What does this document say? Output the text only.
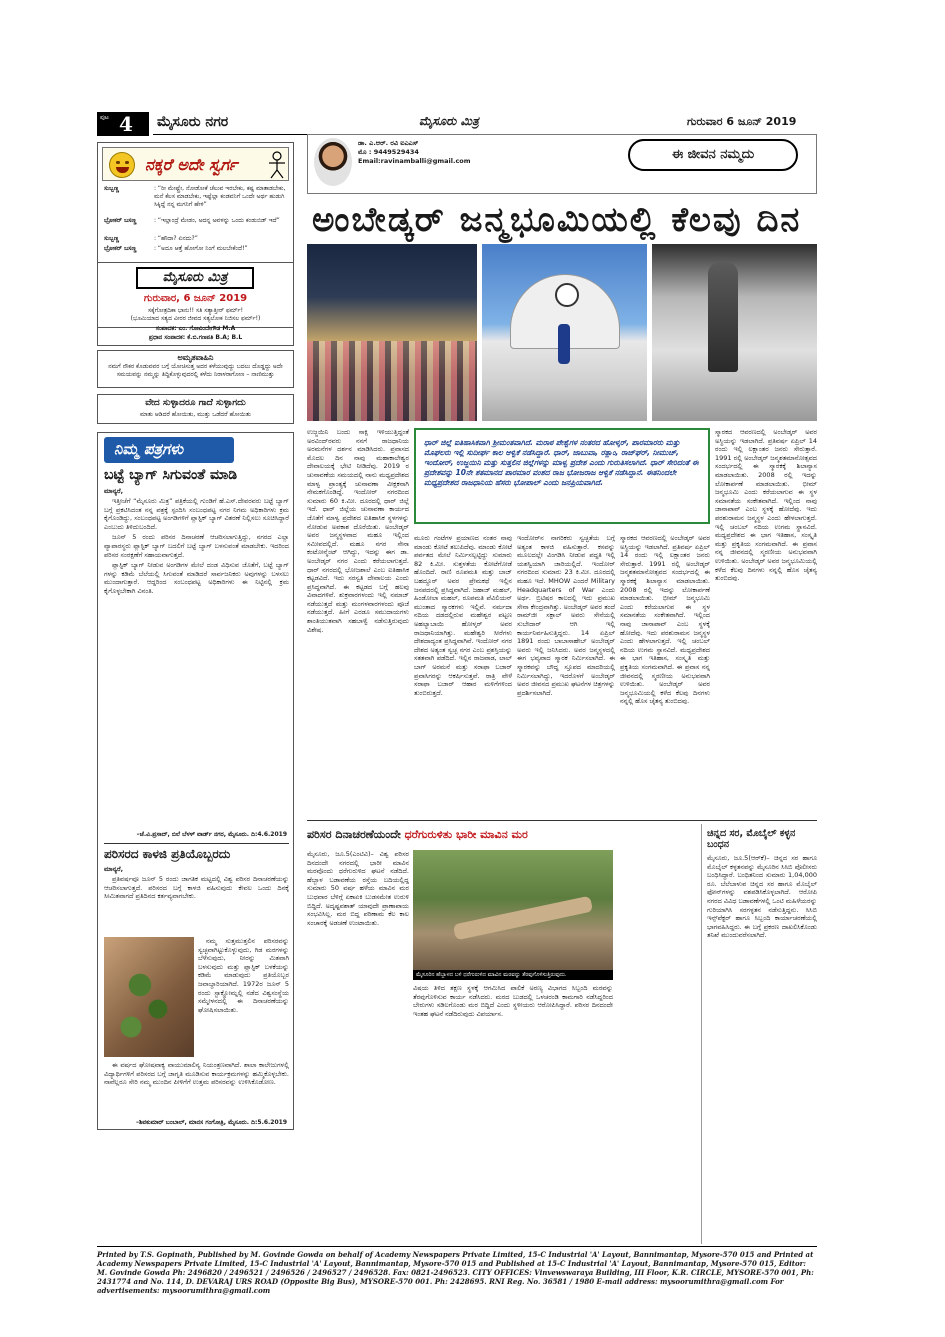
ಪುಟ 4 ಮೈಸೂರು ನಗರ	ಮೈಸೂರು ಮಿತ್ರ	ಗುರುವಾರ 6 ಜೂನ್ 2019
ನಕ್ಕರೆ ಅದೇ ಸ್ವರ್ಗ
ಸುಬ್ಬಣ್ಣ	: “ರೀ ಮೇಷ್ಟ್ರೇ, ನೋಡೋಕೆ ಚೆಲುವ ಇರಬೇಕು, ಕಷ್ಟ ಮಾತಾಡಬೇಕು, ಮನೆ ಕೆಲಸ ಮಾಡಬೇಕು, ಇಷ್ಟೆಲ್ಲಾ ಕಂಡವನಿಗೆ ಒಂದೇ ಅರ್ಥ ಹುಡುಗಿ ಸಿಕ್ಕಿದ್ದೆ ನನ್ನ ಮಗನಿಗೆ ಹೇಳಿ”
ಬ್ರೋಕರ್ ಬಸಣ್ಣ	: “ಇಲ್ಲಾಂದ್ರೆ ಮೇಡಂ, ಅದನ್ನ ಅವಳನ್ನು ಒಂದು ಕಂಡುಬಿಡ್ ಇದೆ”
ಸುಬ್ಬಣ್ಣ	: “ಹೌದಾ? ಏನದು?”
ಬ್ರೋಕರ್ ಬಸಣ್ಣ	: “ಅದೂ ಆತ್ತೆ ಹೋಗೋ ನಿಂಗೆ ಮಲಬೇಕೆಂದೆ!”
ಮೈಸೂರು ಮಿತ್ರ
ಗುರುವಾರ, 6 ಜೂನ್ 2019
ಸಕ್ಕೆಗೋತ್ರದಿಕಾ ಭಾನು!! ಸತಿ ಸತ್ಯಾತ್ತೀರ್ ಫರ್ಮ್!
(ಭೂಮಿಯಾದ ಸತ್ಯದ ವೀರರ ಜೀವದ ಸತ್ಯಲೋಕ ನಿಜಿಸಲ ಫರ್ಮ್!)
ಸಂಪಾದಕ: ಎಂ. ಗೋವಿಂದೇಗೌಡ M.A
ಪ್ರಧಾನ ಸಂಪಾದಕ: ಕೆ.ಬಿ.ಗಣಪತಿ B.A; B.L
ಅಮೃತವಾಹಿನಿ
ನಮಗೆ ನೌಕರ ಕೊಡುವವರ ಬಗ್ಗೆ ಯೋಚಿಸುತ್ತ ಅದರ ಕಳೆಯುವುದ್ದು ಬದಲು ದೊಡ್ಡದ್ದು ಅದೇ ಸಮಯವನ್ನು ನಮ್ಮನ್ನು ತಿದ್ದಿಕೊಳ್ಳುವುದರಲ್ಲಿ ಕಳೆದು ನಿರಾಳರಾಗೋಣ – ನಾಣಿಮುತ್ತು
ವೇದ ಸುಳ್ಳಾದರೂ ಗಾದೆ ಸುಳ್ಳಾಗದು
ಮಾತು ಆಡಿದರೆ ಹೋಯಿತು, ಮುತ್ತು ಒಡೆದರೆ ಹೋಯಿತು
ನಿಮ್ಮ ಪತ್ರಗಳು
ಬಟ್ಟೆ ಬ್ಯಾಗ್ ಸಿಗುವಂತೆ ಮಾಡಿ
ಮಾನ್ಯರೆ,

ಇತ್ತೀಚೆಗೆ “ಮೈಸೂರು ಮಿತ್ರ” ಪತ್ರಿಕೆಯಲ್ಲಿ ಗುಂಡಿಗೆ ಹೆ.ಎಸ್.ದೇವರವರು ಬಟ್ಟೆ ಬ್ಯಾಗ್ ಬಗ್ಗೆ ಪ್ರಕಟಿಸಿದಂತ ನನ್ನ ಪತ್ರಕ್ಕೆ ಸ್ಪಂದಿಸಿ ಸಂಬಂಧಪಟ್ಟ ನಗರ ನಿಗಮ ಅಧಿಕಾರಿಗಳು ಕ್ರಮ ಕೈಗೊಂಡಿದ್ದು, ಸಂಬಂಧಪಟ್ಟ ಅಂಗಡಿಗಳಿಗೆ ಪ್ಲಾಸ್ಟಿಕ್ ಬ್ಯಾಗ್ ವಿತರಣೆ ನಿಲ್ಲಿಸಲು ಸೂಚಿಸಿದ್ದಾರೆ ಎಂಬುದು ತಿಳಿದುಬಂದಿದೆ.

ಜೂನ್ 5 ರಂದು ಪರಿಸರ ದಿನಾಚರಣೆ ಆಚರಿಸಲಾಗುತ್ತಿದ್ದು, ನಗರದ ಎಲ್ಲಾ ವ್ಯಾಪಾರಸ್ಥರು ಪ್ಲಾಸ್ಟಿಕ್ ಬ್ಯಾಗ್ ಬದಲಿಗೆ ಬಟ್ಟೆ ಬ್ಯಾಗ್ ಬಳಸುವಂತೆ ಮಾಡಬೇಕು. ಇದರಿಂದ ಪರಿಸರ ಸಂರಕ್ಷಣೆಗೆ ಸಹಾಯವಾಗುತ್ತದೆ.

ಪ್ಲಾಸ್ಟಿಕ್ ಬ್ಯಾಗ್ ನೀಡುವ ಅಂಗಡಿಗಳ ಮೇಲೆ ದಂಡ ವಿಧಿಸುವ ಜೊತೆಗೆ, ಬಟ್ಟೆ ಬ್ಯಾಗ್ ಗಳನ್ನು ಕಡಿಮೆ ಬೆಲೆಯಲ್ಲಿ ಸಿಗುವಂತೆ ಮಾಡಿದರೆ ಸಾರ್ವಜನಿಕರು ಅವುಗಳನ್ನು ಬಳಸಲು ಮುಂದಾಗುತ್ತಾರೆ. ಆದ್ದರಿಂದ ಸಂಬಂಧಪಟ್ಟ ಅಧಿಕಾರಿಗಳು ಈ ನಿಟ್ಟಿನಲ್ಲಿ ಕ್ರಮ ಕೈಗೊಳ್ಳಬೇಕಾಗಿ ವಿನಂತಿ.

–ಜೆ.ವಿ.ಪ್ರಸಾದ್, ಬಿಲೆ ಬೆಳಳ್ ವಾರ್ಡ್ ನಗರ, ಮೈಸೂರು. ದಿ:4.6.2019
ಪರಿಸರದ ಕಾಳಜಿ ಪ್ರತಿಯೊಬ್ಬರದು
ಮಾನ್ಯರೆ,

ಪ್ರತಿವರ್ಷವೂ ಜೂನ್ 5 ರಂದು ಜಾಗತಿಕ ಮಟ್ಟದಲ್ಲಿ ವಿಶ್ವ ಪರಿಸರ ದಿನಾಚರಣೆಯನ್ನು ಆಚರಿಸಲಾಗುತ್ತದೆ. ಪರಿಸರದ ಬಗ್ಗೆ ಕಾಳಜಿ ವಹಿಸುವುದು ಕೇವಲ ಒಂದು ದಿನಕ್ಕೆ ಸೀಮಿತವಾಗದೆ ಪ್ರತಿದಿನದ ಕರ್ತವ್ಯವಾಗಬೇಕು.

ನಮ್ಮ ಸುತ್ತಮುತ್ತಲಿನ ಪರಿಸರವನ್ನು ಸ್ವಚ್ಛವಾಗಿಟ್ಟುಕೊಳ್ಳುವುದು, ಗಿಡ ಮರಗಳನ್ನು ಬೆಳೆಸುವುದು, ನೀರನ್ನು ಮಿತವಾಗಿ ಬಳಸುವುದು ಮತ್ತು ಪ್ಲಾಸ್ಟಿಕ್ ಬಳಕೆಯನ್ನು ಕಡಿಮೆ ಮಾಡುವುದು ಪ್ರತಿಯೊಬ್ಬರ ಜವಾಬ್ದಾರಿಯಾಗಿದೆ. 1972ರ ಜೂನ್ 5 ರಂದು ಸ್ಟಾಕ್ಹೋಮ್ನಲ್ಲಿ ನಡೆದ ವಿಶ್ವಸಂಸ್ಥೆಯ ಸಮ್ಮೇಳನದಲ್ಲಿ ಈ ದಿನಾಚರಣೆಯನ್ನು ಘೋಷಿಸಲಾಯಿತು.

ಈ ವರ್ಷದ ಘೋಷವಾಕ್ಯ ವಾಯುಮಾಲಿನ್ಯ ನಿಯಂತ್ರಣವಾಗಿದೆ. ಶಾಲಾ ಕಾಲೇಜುಗಳಲ್ಲಿ ವಿದ್ಯಾರ್ಥಿಗಳಿಗೆ ಪರಿಸರದ ಬಗ್ಗೆ ಜಾಗೃತಿ ಮೂಡಿಸುವ ಕಾರ್ಯಕ್ರಮಗಳನ್ನು ಹಮ್ಮಿಕೊಳ್ಳಬೇಕು. ನಾವೆಲ್ಲರೂ ಸೇರಿ ನಮ್ಮ ಮುಂದಿನ ಪೀಳಿಗೆಗೆ ಉತ್ತಮ ಪರಿಸರವನ್ನು ಉಳಿಸಿಕೊಡೋಣ.

–ಶಿವಕುಮಾರ್ ಬಂಬಾಲ್, ಮಾನಸ ಗಂಗೋತ್ರಿ, ಮೈಸೂರು. ದಿ:5.6.2019
ಡಾ. ಎ.ಆರ್. ರವಿ ಐಎಎಸ್
ಮೊ : 9449529434
Email:ravinamballi@gmail.com	ಈ ಜೀವನ ನಮ್ಮದು
ಅಂಬೇಡ್ಕರ್ ಜನ್ಮಭೂಮಿಯಲ್ಲಿ ಕೆಲವು ದಿನ
ಉಜ್ಜಯಿನಿ ಬಂದು ಸಾಕ್ಷಿ ಇಳಿಯುತ್ತಿದ್ದಂತೆ ಅರವಿಂದ್‌ರವರು ನನಗೆ ರಾಜಧಾನಿಯ ಅರಮನೆಗಳ ದರ್ಶನ ಮಾಡಿಸಿದರು. ಪ್ರವಾಸದ ಮೊದಲ ದಿನ ನಾವು ಮಹಾಕಾಲೇಶ್ವರ ದೇವಾಲಯಕ್ಕೆ ಭೇಟಿ ನೀಡಿದೆವು. 2019 ರ ಚುನಾವಣೆಯ ಸಮಯದಲ್ಲಿ ನಾನು ಮಧ್ಯಪ್ರದೇಶದ ಮಾಳ್ವ ಪ್ರಾಂತ್ಯಕ್ಕೆ ಚುನಾವಣಾ ವೀಕ್ಷಕನಾಗಿ ನೇಮಕಗೊಂಡಿದ್ದೆ. ಇಂದೋರ್ ನಗರದಿಂದ ಸುಮಾರು 60 ಕಿ.ಮೀ. ದೂರದಲ್ಲಿ ಧಾರ್ ಜಿಲ್ಲೆ ಇದೆ. ಧಾರ್ ಜಿಲ್ಲೆಯ ಚುನಾವಣಾ ಕಾರ್ಯದ ಜೊತೆಗೆ ಮಾಳ್ವ ಪ್ರದೇಶದ ಐತಿಹಾಸಿಕ ಸ್ಥಳಗಳನ್ನು ನೋಡುವ ಅವಕಾಶ ದೊರೆಯಿತು. ಅಂಬೇಡ್ಕರ್ ಅವರ ಜನ್ಮಸ್ಥಳವಾದ ಮಹೂ ಇಲ್ಲಿಂದ ಸಮೀಪದಲ್ಲಿದೆ. ಮಹೂ ನಗರ ಸೇನಾ ಕಂಟೋನ್ಮೆಂಟ್ ಆಗಿದ್ದು, ಇದನ್ನು ಈಗ ಡಾ. ಅಂಬೇಡ್ಕರ್ ನಗರ ಎಂದು ಕರೆಯಲಾಗುತ್ತದೆ. ಧಾರ್ ನಗರದಲ್ಲಿ ಭೋಜಶಾಲೆ ಎಂಬ ಐತಿಹಾಸಿಕ ಕಟ್ಟಡವಿದೆ. ಇದು ಸರಸ್ವತಿ ದೇವಾಲಯ ಎಂದು ಪ್ರಸಿದ್ಧವಾಗಿದೆ. ಈ ಕಟ್ಟಡದ ಬಗ್ಗೆ ಹಲವು ವಿವಾದಗಳಿವೆ. ಶುಕ್ರವಾರಗಳಂದು ಇಲ್ಲಿ ನಮಾಜ್ ನಡೆಯುತ್ತದೆ ಮತ್ತು ಮಂಗಳವಾರಗಳಂದು ಪೂಜೆ ನಡೆಯುತ್ತದೆ. ಹೀಗೆ ಎರಡೂ ಸಮುದಾಯಗಳು ಶಾಂತಿಯುತವಾಗಿ ಸಹಬಾಳ್ವೆ ನಡೆಸುತ್ತಿರುವುದು ವಿಶೇಷ.
ಧಾರ್ ಜಿಲ್ಲೆ ಐತಿಹಾಸಿಕವಾಗಿ ಶ್ರೀಮಂತವಾಗಿದೆ. ಮರಾಠ ಪೇಶ್ವೆಗಳ ನಂತರದ ಹೋಳ್ಕರ್, ಪಾರಮಾರರು ಮತ್ತು ಮೊಘಲರು ಇಲ್ಲಿ ಸುದೀರ್ಘ ಕಾಲ ಆಳ್ವಿಕೆ ನಡೆಸಿದ್ದಾರೆ. ಧಾರ್, ಜಾಬುವಾ, ರತ್ಲಾಂ, ರಾಜ್‌ಘರ್, ನೀಮುಚ್, ಇಂದೋರ್, ಉಜ್ಜಯಿನಿ ಮತ್ತು ಸುತ್ತಲಿನ ಜಿಲ್ಲೆಗಳನ್ನು ಮಾಳ್ವ ಪ್ರದೇಶ ಎಂದು ಗುರುತಿಸಲಾಗಿದೆ. ಧಾರ್ ಸೇರಿದಂತೆ ಈ ಪ್ರದೇಶವನ್ನು 10ನೇ ಶತಮಾನದ ಪಾರಮಾರ ವಂಶದ ರಾಜ ಭೋಜರಾಜ ಆಳ್ವಿಕೆ ನಡೆಸಿದ್ದಾನೆ. ಈತನಿಂದಲೇ ಮಧ್ಯಪ್ರದೇಶದ ರಾಜಧಾನಿಯ ಹೆಸರು ಭೋಪಾಲ್ ಎಂದು ಜನಪ್ರಿಯವಾಗಿದೆ.
ಮೂರು ಗಂಟೆಗಳ ಪ್ರಯಾಣದ ನಂತರ ನಾವು ಮಾಂಡು ಕೋಟೆ ತಲುಪಿದೆವು. ಮಾಂಡು ಕೋಟೆ ಪರ್ವತದ ಮೇಲೆ ನಿರ್ಮಿಸಲ್ಪಟ್ಟಿದ್ದು ಸುಮಾರು 82 ಕಿ.ಮೀ. ಸುತ್ತಳತೆಯ ಕೋಟೆಗೋಡೆ ಹೊಂದಿದೆ. ರಾಣಿ ರೂಪಮತಿ ಮತ್ತು ಬಾಜ್ ಬಹದ್ದೂರ್ ಅವರ ಪ್ರೇಮಕಥೆ ಇಲ್ಲಿನ ಜನಪದರಲ್ಲಿ ಪ್ರಸಿದ್ಧವಾಗಿದೆ. ಜಹಾಜ್ ಮಹಲ್, ಹಿಂಡೋಲಾ ಮಹಲ್, ರೂಪಮತಿ ಪೆವಿಲಿಯನ್ ಮುಂತಾದ ಸ್ಮಾರಕಗಳು ಇಲ್ಲಿವೆ. ನರ್ಮದಾ ನದಿಯ ದಡದಲ್ಲಿರುವ ಮಹೇಶ್ವರ ಪಟ್ಟಣ ಅಹಲ್ಯಾಬಾಯಿ ಹೋಳ್ಕರ್ ಅವರ ರಾಜಧಾನಿಯಾಗಿತ್ತು. ಮಹೇಶ್ವರಿ ಸೀರೆಗಳು ದೇಶದಾದ್ಯಂತ ಪ್ರಸಿದ್ಧವಾಗಿವೆ. ಇಂದೋರ್ ನಗರ ದೇಶದ ಅತ್ಯಂತ ಸ್ವಚ್ಛ ನಗರ ಎಂಬ ಪ್ರಶಸ್ತಿಯನ್ನು ಸತತವಾಗಿ ಪಡೆದಿದೆ. ಇಲ್ಲಿನ ರಾಜವಾಡ, ಲಾಲ್ ಬಾಗ್ ಅರಮನೆ ಮತ್ತು ಸರಾಫಾ ಬಜಾರ್ ಪ್ರವಾಸಿಗರನ್ನು ಆಕರ್ಷಿಸುತ್ತವೆ. ರಾತ್ರಿ ವೇಳೆ ಸರಾಫಾ ಬಜಾರ್ ಆಹಾರ ಮಳಿಗೆಗಳಿಂದ ತುಂಬಿರುತ್ತದೆ.
ಇಂದೋರ್‌ನ ನಾಗರಿಕರು ಸ್ವಚ್ಛತೆಯ ಬಗ್ಗೆ ಅತ್ಯಂತ ಕಾಳಜಿ ವಹಿಸುತ್ತಾರೆ. ಕಸವನ್ನು ಮೂಲದಲ್ಲೇ ವಿಂಗಡಿಸಿ ನೀಡುವ ಪದ್ಧತಿ ಇಲ್ಲಿ ಯಶಸ್ವಿಯಾಗಿ ಜಾರಿಯಲ್ಲಿದೆ. ಇಂದೋರ್ ನಗರದಿಂದ ಸುಮಾರು 23 ಕಿ.ಮೀ. ದೂರದಲ್ಲಿ ಮಹೂ ಇದೆ. MHOW ಎಂದರೆ Military Headquarters of War ಎಂದು ಅರ್ಥ. ಬ್ರಿಟಿಷರ ಕಾಲದಲ್ಲಿ ಇದು ಪ್ರಮುಖ ಸೇನಾ ಕೇಂದ್ರವಾಗಿತ್ತು. ಅಂಬೇಡ್ಕರ್ ಅವರ ತಂದೆ ರಾಮ್‌ಜೀ ಸಕ್ಪಾಲ್ ಅವರು ಸೇನೆಯಲ್ಲಿ ಸುಬೇದಾರ್ ಆಗಿ ಇಲ್ಲಿ ಕಾರ್ಯನಿರ್ವಹಿಸುತ್ತಿದ್ದರು. 14 ಏಪ್ರಿಲ್ 1891 ರಂದು ಬಾಬಾಸಾಹೇಬ್ ಅಂಬೇಡ್ಕರ್ ಅವರು ಇಲ್ಲಿ ಜನಿಸಿದರು. ಅವರ ಜನ್ಮಸ್ಥಳದಲ್ಲಿ ಈಗ ಭವ್ಯವಾದ ಸ್ಮಾರಕ ನಿರ್ಮಿಸಲಾಗಿದೆ. ಈ ಸ್ಮಾರಕವನ್ನು ಬೌದ್ಧ ಸ್ತೂಪದ ಮಾದರಿಯಲ್ಲಿ ನಿರ್ಮಿಸಲಾಗಿದ್ದು, ಇದರೊಳಗೆ ಅಂಬೇಡ್ಕರ್ ಅವರ ಜೀವನದ ಪ್ರಮುಖ ಘಟನೆಗಳ ಚಿತ್ರಗಳನ್ನು ಪ್ರದರ್ಶಿಸಲಾಗಿದೆ.
ಸ್ಮಾರಕದ ಆವರಣದಲ್ಲಿ ಅಂಬೇಡ್ಕರ್ ಅವರ ಅಸ್ಥಿಯನ್ನು ಇಡಲಾಗಿದೆ. ಪ್ರತಿವರ್ಷ ಏಪ್ರಿಲ್ 14 ರಂದು ಇಲ್ಲಿ ಲಕ್ಷಾಂತರ ಜನರು ಸೇರುತ್ತಾರೆ. 1991 ರಲ್ಲಿ ಅಂಬೇಡ್ಕರ್ ಜನ್ಮಶತಮಾನೋತ್ಸವದ ಸಂದರ್ಭದಲ್ಲಿ ಈ ಸ್ಮಾರಕಕ್ಕೆ ಶಿಲಾನ್ಯಾಸ ಮಾಡಲಾಯಿತು. 2008 ರಲ್ಲಿ ಇದನ್ನು ಲೋಕಾರ್ಪಣೆ ಮಾಡಲಾಯಿತು. ಭೀಮ್ ಜನ್ಮಭೂಮಿ ಎಂದು ಕರೆಯಲಾಗುವ ಈ ಸ್ಥಳ ಸಮಾನತೆಯ ಸಂಕೇತವಾಗಿದೆ. ಇಲ್ಲಿಂದ ನಾವು ಜಾನಾಪಾವ್ ಎಂಬ ಸ್ಥಳಕ್ಕೆ ಹೋದೆವು. ಇದು ಪರಶುರಾಮನ ಜನ್ಮಸ್ಥಳ ಎಂದು ಹೇಳಲಾಗುತ್ತದೆ. ಇಲ್ಲಿ ಚಂಬಲ್ ನದಿಯ ಉಗಮ ಸ್ಥಾನವಿದೆ. ಮಧ್ಯಪ್ರದೇಶದ ಈ ಭಾಗ ಇತಿಹಾಸ, ಸಂಸ್ಕೃತಿ ಮತ್ತು ಪ್ರಕೃತಿಯ ಸಂಗಮವಾಗಿದೆ. ಈ ಪ್ರವಾಸ ನನ್ನ ಜೀವನದಲ್ಲಿ ಸ್ಮರಣೀಯ ಅನುಭವವಾಗಿ ಉಳಿಯಿತು. ಅಂಬೇಡ್ಕರ್ ಅವರ ಜನ್ಮಭೂಮಿಯಲ್ಲಿ ಕಳೆದ ಕೆಲವು ದಿನಗಳು ನನ್ನಲ್ಲಿ ಹೊಸ ಚೈತನ್ಯ ತುಂಬಿದವು.
ಸ್ಮಾರಕದ ಆವರಣದಲ್ಲಿ ಅಂಬೇಡ್ಕರ್ ಅವರ ಅಸ್ಥಿಯನ್ನು ಇಡಲಾಗಿದೆ. ಪ್ರತಿವರ್ಷ ಏಪ್ರಿಲ್ 14 ರಂದು ಇಲ್ಲಿ ಲಕ್ಷಾಂತರ ಜನರು ಸೇರುತ್ತಾರೆ. 1991 ರಲ್ಲಿ ಅಂಬೇಡ್ಕರ್ ಜನ್ಮಶತಮಾನೋತ್ಸವದ ಸಂದರ್ಭದಲ್ಲಿ ಈ ಸ್ಮಾರಕಕ್ಕೆ ಶಿಲಾನ್ಯಾಸ ಮಾಡಲಾಯಿತು. 2008 ರಲ್ಲಿ ಇದನ್ನು ಲೋಕಾರ್ಪಣೆ ಮಾಡಲಾಯಿತು. ಭೀಮ್ ಜನ್ಮಭೂಮಿ ಎಂದು ಕರೆಯಲಾಗುವ ಈ ಸ್ಥಳ ಸಮಾನತೆಯ ಸಂಕೇತವಾಗಿದೆ. ಇಲ್ಲಿಂದ ನಾವು ಜಾನಾಪಾವ್ ಎಂಬ ಸ್ಥಳಕ್ಕೆ ಹೋದೆವು. ಇದು ಪರಶುರಾಮನ ಜನ್ಮಸ್ಥಳ ಎಂದು ಹೇಳಲಾಗುತ್ತದೆ. ಇಲ್ಲಿ ಚಂಬಲ್ ನದಿಯ ಉಗಮ ಸ್ಥಾನವಿದೆ. ಮಧ್ಯಪ್ರದೇಶದ ಈ ಭಾಗ ಇತಿಹಾಸ, ಸಂಸ್ಕೃತಿ ಮತ್ತು ಪ್ರಕೃತಿಯ ಸಂಗಮವಾಗಿದೆ. ಈ ಪ್ರವಾಸ ನನ್ನ ಜೀವನದಲ್ಲಿ ಸ್ಮರಣೀಯ ಅನುಭವವಾಗಿ ಉಳಿಯಿತು. ಅಂಬೇಡ್ಕರ್ ಅವರ ಜನ್ಮಭೂಮಿಯಲ್ಲಿ ಕಳೆದ ಕೆಲವು ದಿನಗಳು ನನ್ನಲ್ಲಿ ಹೊಸ ಚೈತನ್ಯ ತುಂಬಿದವು.
ಪರಿಸರ ದಿನಾಚರಣೆಯಂದೇ ಧರೆಗುರುಳಿತು ಭಾರೀ ಮಾವಿನ ಮರ
ಮೈಸೂರು, ಜೂ.5(ಎಂಟಿವಿ)– ವಿಶ್ವ ಪರಿಸರ ದಿನದಂದೇ ನಗರದಲ್ಲಿ ಭಾರೀ ಮಾವಿನ ಮರವೊಂದು ಧರೆಗುರುಳಿದ ಘಟನೆ ನಡೆದಿದೆ. ಹೆಬ್ಬಾಳ ಬಡಾವಣೆಯ ರಸ್ತೆಯ ಬದಿಯಲ್ಲಿದ್ದ ಸುಮಾರು 50 ವರ್ಷ ಹಳೆಯ ಮಾವಿನ ಮರ ಬುಧವಾರ ಬೆಳಿಗ್ಗೆ ಏಕಾಏಕಿ ಬುಡಸಮೇತ ಉರುಳಿ ಬಿದ್ದಿದೆ. ಅದೃಷ್ಟವಶಾತ್ ಯಾವುದೇ ಪ್ರಾಣಾಪಾಯ ಸಂಭವಿಸಿಲ್ಲ. ಮರ ಬಿದ್ದ ಪರಿಣಾಮ ಕೆಲ ಕಾಲ ಸಂಚಾರಕ್ಕೆ ಅಡಚಣೆ ಉಂಟಾಯಿತು.
ಮೈಸೂರಿನ ಹೆಬ್ಬಾಳದ ಬಳಿ ಧರೆಗುರುಳಿದ ಮಾವಿನ ಮರವನ್ನು ತೆರವುಗೊಳಿಸುತ್ತಿರುವುದು.
ವಿಷಯ ತಿಳಿದ ತಕ್ಷಣ ಸ್ಥಳಕ್ಕೆ ಆಗಮಿಸಿದ ಪಾಲಿಕೆ ಅರಣ್ಯ ವಿಭಾಗದ ಸಿಬ್ಬಂದಿ ಮರವನ್ನು ತೆರವುಗೊಳಿಸುವ ಕಾರ್ಯ ನಡೆಸಿದರು. ಮರದ ಬುಡದಲ್ಲಿ ಒಳಚರಂಡಿ ಕಾಮಗಾರಿ ನಡೆಸಿದ್ದರಿಂದ ಬೇರುಗಳು ಸಡಿಲಗೊಂಡು ಮರ ಬಿದ್ದಿದೆ ಎಂದು ಸ್ಥಳೀಯರು ಆರೋಪಿಸಿದ್ದಾರೆ. ಪರಿಸರ ದಿನದಂದೇ ಇಂತಹ ಘಟನೆ ನಡೆದಿರುವುದು ವಿಪರ್ಯಾಸ.
ಚಿನ್ನದ ಸರ, ಮೊಬೈಲ್ ಕಳ್ಳನ ಬಂಧನ
ಮೈಸೂರು, ಜೂ.5(ಆರ್‌ಕೆ)– ಚಿನ್ನದ ಸರ ಹಾಗೂ ಮೊಬೈಲ್ ಕಳ್ಳತನವನ್ನು ಮೈಸೂರಿನ ಸಿಸಿಬಿ ಪೊಲೀಸರು ಬಂಧಿಸಿದ್ದಾರೆ. ಬಂಧಿತನಿಂದ ಸುಮಾರು 1,04,000 ರೂ. ಬೆಲೆಬಾಳುವ ಚಿನ್ನದ ಸರ ಹಾಗೂ ಮೊಬೈಲ್ ಫೋನ್‌ಗಳನ್ನು ವಶಪಡಿಸಿಕೊಳ್ಳಲಾಗಿದೆ. ಆರೋಪಿ ನಗರದ ವಿವಿಧ ಬಡಾವಣೆಗಳಲ್ಲಿ ಒಂಟಿ ಮಹಿಳೆಯರನ್ನು ಗುರಿಯಾಗಿಸಿ ಸರಗಳ್ಳತನ ನಡೆಸುತ್ತಿದ್ದನು. ಸಿಸಿಬಿ ಇನ್ಸ್‌ಪೆಕ್ಟರ್ ಹಾಗೂ ಸಿಬ್ಬಂದಿ ಕಾರ್ಯಾಚರಣೆಯಲ್ಲಿ ಭಾಗವಹಿಸಿದ್ದರು. ಈ ಬಗ್ಗೆ ಪ್ರಕರಣ ದಾಖಲಿಸಿಕೊಂಡು ತನಿಖೆ ಮುಂದುವರೆಸಲಾಗಿದೆ.
Printed by T.S. Gopinath, Published by M. Govinde Gowda on behalf of Academy Newspapers Private Limited, 15-C Industrial 'A' Layout, Bannimantap, Mysore-570 015 and Printed at Academy Newspapers Private Limited, 15-C Industrial 'A' Layout, Bannimantap, Mysore-570 015 and Published at 15-C Industrial 'A' Layout, Bannimantap, Mysore-570 015, Editor: M. Govinde Gowda Ph: 2496820 / 2496521 / 2496526 / 2496527 / 2496528. Fax: 0821-2496523. CITY OFFICES: Vinvewswaraya Building, III Floor, K.R. CIRCLE, MYSORE-570 001, Ph: 2431774 and No. 114, D. DEVARAJ URS ROAD (Opposite Big Bus), MYSORE-570 001. Ph: 2428695. RNI Reg. No. 36581 / 1980 E-mail address: mysoorumithra@gmail.com For advertisements: mysoorumithra@gmail.com
